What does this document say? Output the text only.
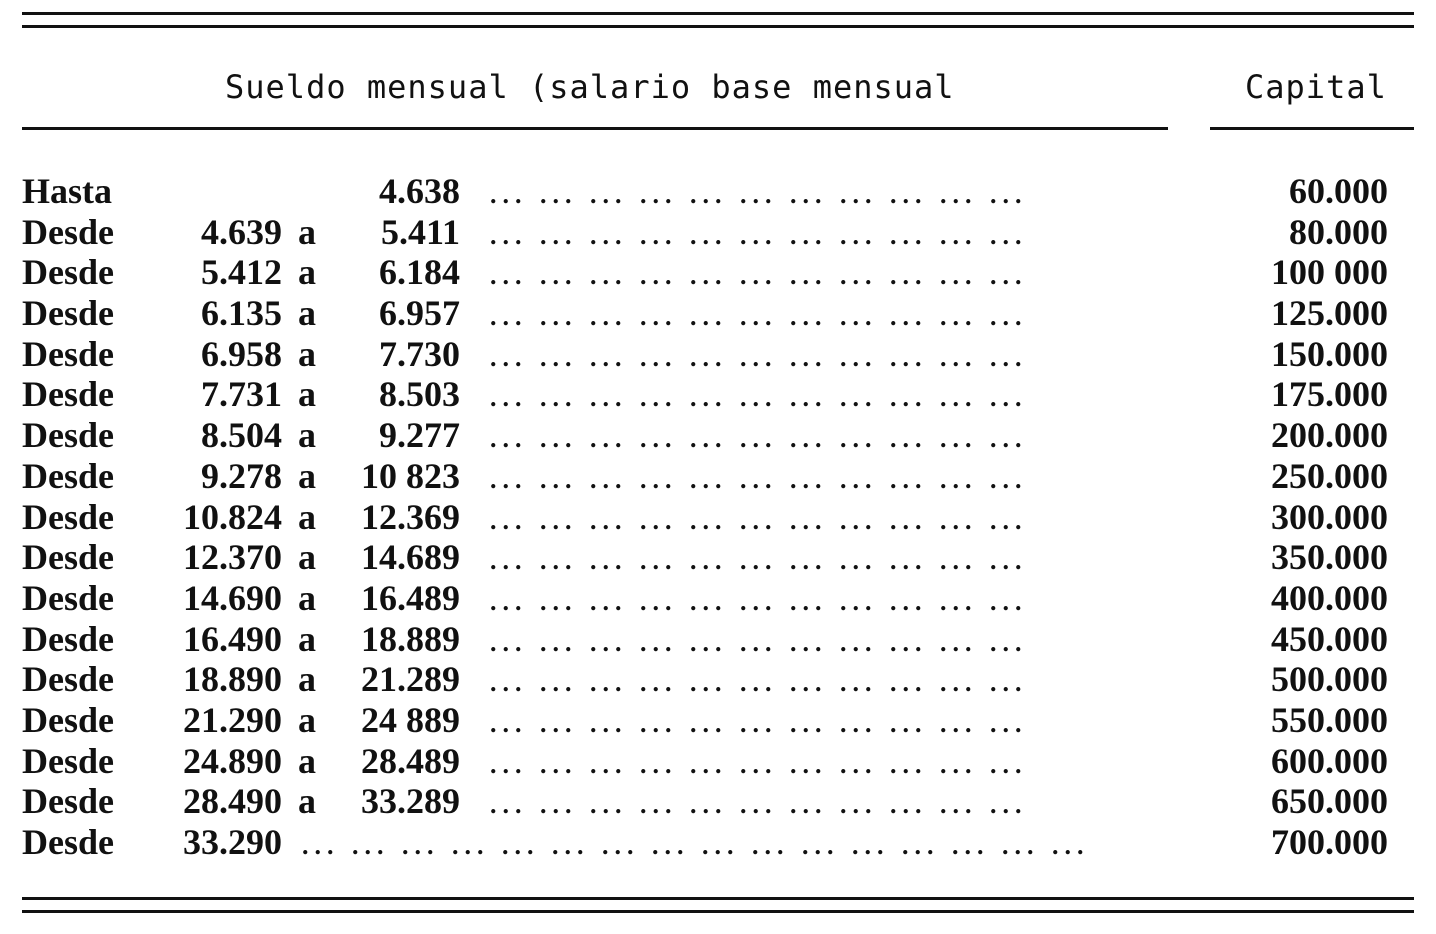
Sueldo mensual (salario base mensual	Capital
Hasta	4.638	60.000
... ... ... ... ... ... ... ... ... ... ...
Desde 4.639 a 5.411	80.000
... ... ... ... ... ... ... ... ... ... ...
Desde 5.412 a 6.184	100 000
... ... ... ... ... ... ... ... ... ... ...
Desde 6.135 a 6.957	125.000
... ... ... ... ... ... ... ... ... ... ...
Desde 6.958 a 7.730	150.000
... ... ... ... ... ... ... ... ... ... ...
Desde 7.731 a 8.503	175.000
... ... ... ... ... ... ... ... ... ... ...
Desde 8.504 a 9.277	200.000
... ... ... ... ... ... ... ... ... ... ...
Desde 9.278 a 10 823	250.000
... ... ... ... ... ... ... ... ... ... ...
Desde 10.824 a 12.369	300.000
... ... ... ... ... ... ... ... ... ... ...
Desde 12.370 a 14.689	350.000
... ... ... ... ... ... ... ... ... ... ...
Desde 14.690 a 16.489	400.000
... ... ... ... ... ... ... ... ... ... ...
Desde 16.490 a 18.889	450.000
... ... ... ... ... ... ... ... ... ... ...
Desde 18.890 a 21.289	500.000
... ... ... ... ... ... ... ... ... ... ...
Desde 21.290 a 24 889	550.000
... ... ... ... ... ... ... ... ... ... ...
Desde 24.890 a 28.489	600.000
... ... ... ... ... ... ... ... ... ... ...
Desde 28.490 a 33.289	650.000
... ... ... ... ... ... ... ... ... ... ...
Desde 33.290	700.000
... ... ... ... ... ... ... ... ... ... ... ... ... ... ... ...
